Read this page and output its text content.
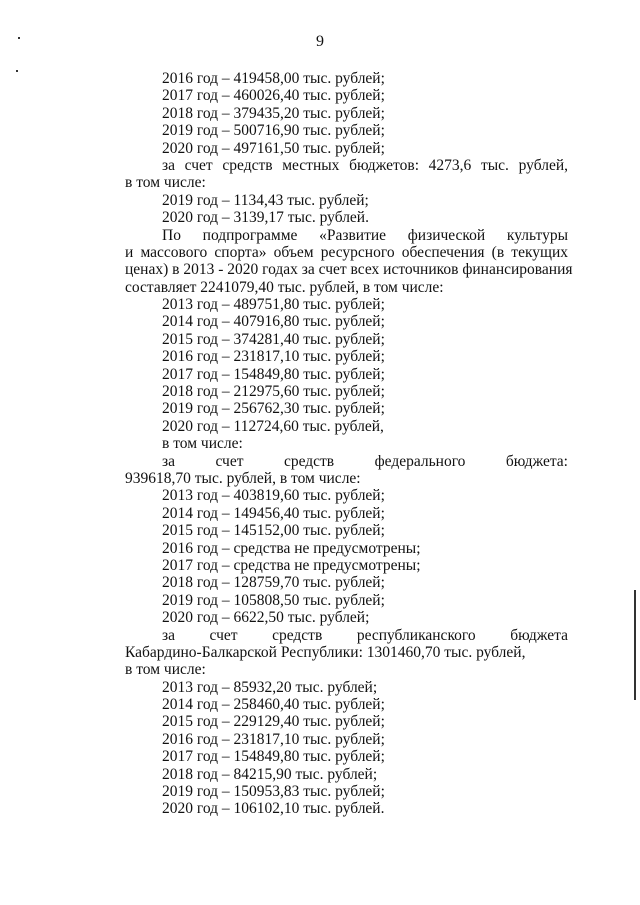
9
2016 год – 419458,00 тыс. рублей;
2017 год – 460026,40 тыс. рублей;
2018 год – 379435,20 тыс. рублей;
2019 год – 500716,90 тыс. рублей;
2020 год – 497161,50 тыс. рублей;
за счет средств местных бюджетов: 4273,6 тыс. рублей,
в том числе:
2019 год – 1134,43 тыс. рублей;
2020 год – 3139,17 тыс. рублей.
По подпрограмме «Развитие физической культуры
и массового спорта» объем ресурсного обеспечения (в текущих
ценах) в 2013 - 2020 годах за счет всех источников финансирования
составляет 2241079,40 тыс. рублей, в том числе:
2013 год – 489751,80 тыс. рублей;
2014 год – 407916,80 тыс. рублей;
2015 год – 374281,40 тыс. рублей;
2016 год – 231817,10 тыс. рублей;
2017 год – 154849,80 тыс. рублей;
2018 год – 212975,60 тыс. рублей;
2019 год – 256762,30 тыс. рублей;
2020 год – 112724,60 тыс. рублей,
в том числе:
за счет средств федерального бюджета:
939618,70 тыс. рублей, в том числе:
2013 год – 403819,60 тыс. рублей;
2014 год – 149456,40 тыс. рублей;
2015 год – 145152,00 тыс. рублей;
2016 год – средства не предусмотрены;
2017 год – средства не предусмотрены;
2018 год – 128759,70 тыс. рублей;
2019 год – 105808,50 тыс. рублей;
2020 год – 6622,50 тыс. рублей;
за счет средств республиканского бюджета
Кабардино-Балкарской Республики: 1301460,70 тыс. рублей,
в том числе:
2013 год – 85932,20 тыс. рублей;
2014 год – 258460,40 тыс. рублей;
2015 год – 229129,40 тыс. рублей;
2016 год – 231817,10 тыс. рублей;
2017 год – 154849,80 тыс. рублей;
2018 год – 84215,90 тыс. рублей;
2019 год – 150953,83 тыс. рублей;
2020 год – 106102,10 тыс. рублей.
